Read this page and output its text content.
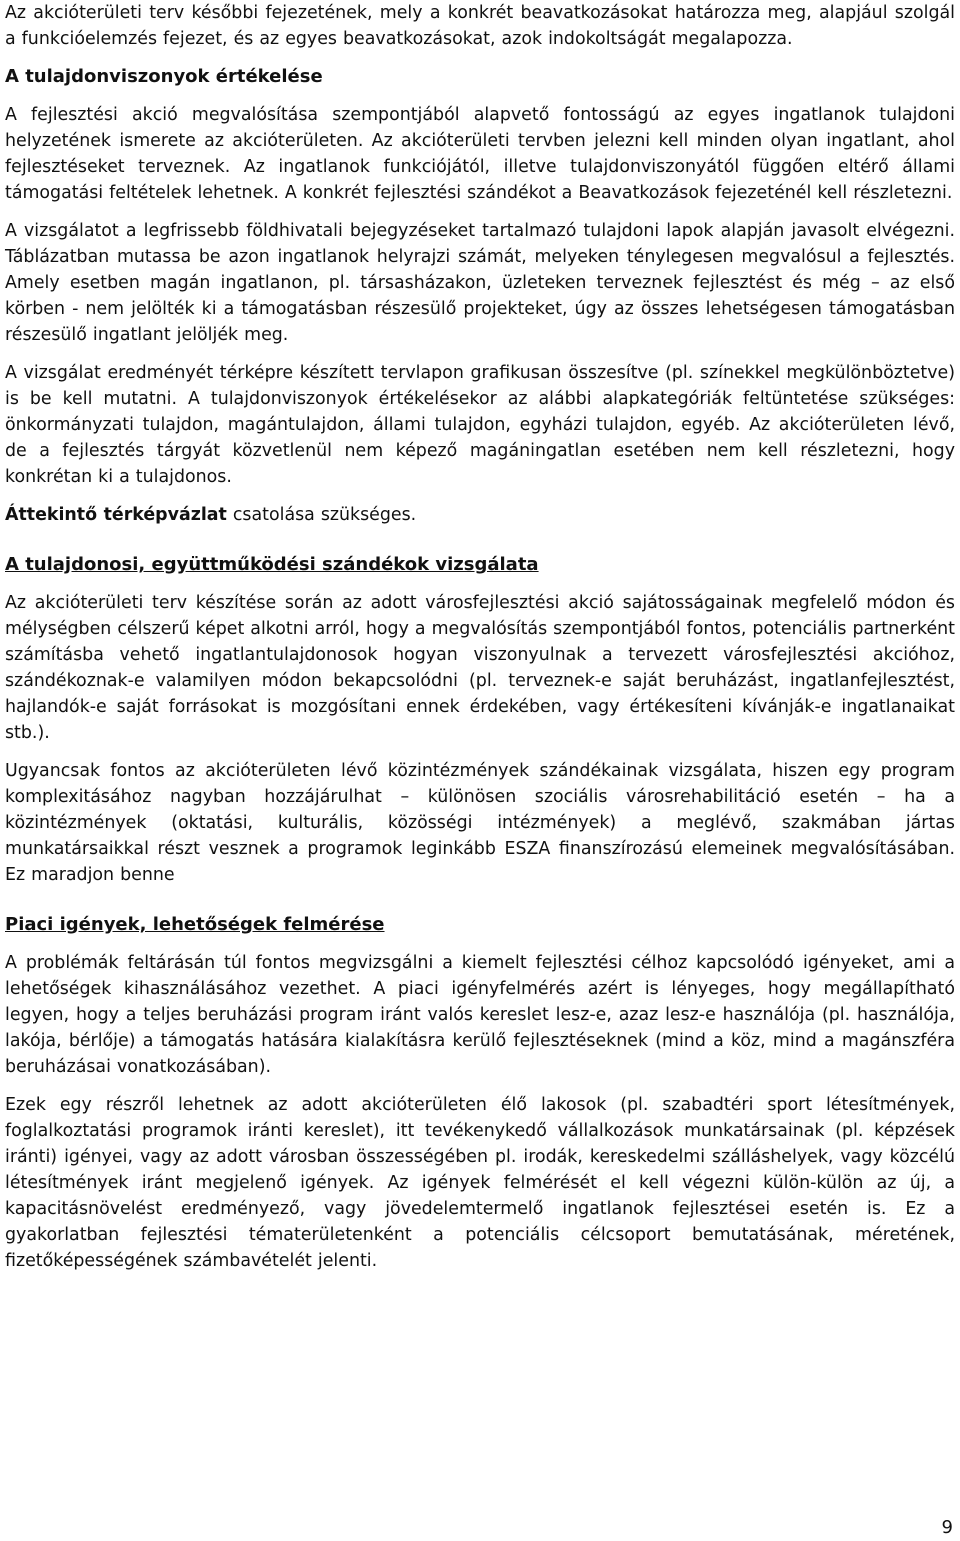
Az akcióterületi terv későbbi fejezetének, mely a konkrét beavatkozásokat határozza meg, alapjául szolgál a funkcióelemzés fejezet, és az egyes beavatkozásokat, azok indokoltságát megalapozza.

A tulajdonviszonyok értékelése

A fejlesztési akció megvalósítása szempontjából alapvető fontosságú az egyes ingatlanok tulajdoni helyzetének ismerete az akcióterületen. Az akcióterületi tervben jelezni kell minden olyan ingatlant, ahol fejlesztéseket terveznek. Az ingatlanok funkciójától, illetve tulajdonviszonyától függően eltérő állami támogatási feltételek lehetnek. A konkrét fejlesztési szándékot a Beavatkozások fejezeténél kell részletezni.

A vizsgálatot a legfrissebb földhivatali bejegyzéseket tartalmazó tulajdoni lapok alapján javasolt elvégezni. Táblázatban mutassa be azon ingatlanok helyrajzi számát, melyeken ténylegesen megvalósul a fejlesztés. Amely esetben magán ingatlanon, pl. társasházakon, üzleteken terveznek fejlesztést és még – az első körben - nem jelölték ki a támogatásban részesülő projekteket, úgy az összes lehetségesen támogatásban részesülő ingatlant jelöljék meg.

A vizsgálat eredményét térképre készített tervlapon grafikusan összesítve (pl. színekkel megkülönböztetve) is be kell mutatni. A tulajdonviszonyok értékelésekor az alábbi alapkategóriák feltüntetése szükséges: önkormányzati tulajdon, magántulajdon, állami tulajdon, egyházi tulajdon, egyéb. Az akcióterületen lévő, de a fejlesztés tárgyát közvetlenül nem képező magáningatlan esetében nem kell részletezni, hogy konkrétan ki a tulajdonos.

Áttekintő térképvázlat csatolása szükséges.

A tulajdonosi, együttműködési szándékok vizsgálata

Az akcióterületi terv készítése során az adott városfejlesztési akció sajátosságainak megfelelő módon és mélységben célszerű képet alkotni arról, hogy a megvalósítás szempontjából fontos, potenciális partnerként számításba vehető ingatlantulajdonosok hogyan viszonyulnak a tervezett városfejlesztési akcióhoz, szándékoznak-e valamilyen módon bekapcsolódni (pl. terveznek-e saját beruházást, ingatlanfejlesztést, hajlandók-e saját forrásokat is mozgósítani ennek érdekében, vagy értékesíteni kívánják-e ingatlanaikat stb.).

Ugyancsak fontos az akcióterületen lévő közintézmények szándékainak vizsgálata, hiszen egy program komplexitásához nagyban hozzájárulhat – különösen szociális városrehabilitáció esetén – ha a közintézmények (oktatási, kulturális, közösségi intézmények) a meglévő, szakmában jártas munkatársaikkal részt vesznek a programok leginkább ESZA finanszírozású elemeinek megvalósításában. Ez maradjon benne

Piaci igények, lehetőségek felmérése

A problémák feltárásán túl fontos megvizsgálni a kiemelt fejlesztési célhoz kapcsolódó igényeket, ami a lehetőségek kihasználásához vezethet. A piaci igényfelmérés azért is lényeges, hogy megállapítható legyen, hogy a teljes beruházási program iránt valós kereslet lesz-e, azaz lesz-e használója (pl. használója, lakója, bérlője) a támogatás hatására kialakításra kerülő fejlesztéseknek (mind a köz, mind a magánszféra beruházásai vonatkozásában).

Ezek egy részről lehetnek az adott akcióterületen élő lakosok (pl. szabadtéri sport létesítmények, foglalkoztatási programok iránti kereslet), itt tevékenykedő vállalkozások munkatársainak (pl. képzések iránti) igényei, vagy az adott városban összességében pl. irodák, kereskedelmi szálláshelyek, vagy közcélú létesítmények iránt megjelenő igények. Az igények felmérését el kell végezni külön-külön az új, a kapacitásnövelést eredményező, vagy jövedelemtermelő ingatlanok fejlesztései esetén is. Ez a gyakorlatban fejlesztési tématerületenként a potenciális célcsoport bemutatásának, méretének, fizetőképességének számbavételét jelenti.

9
